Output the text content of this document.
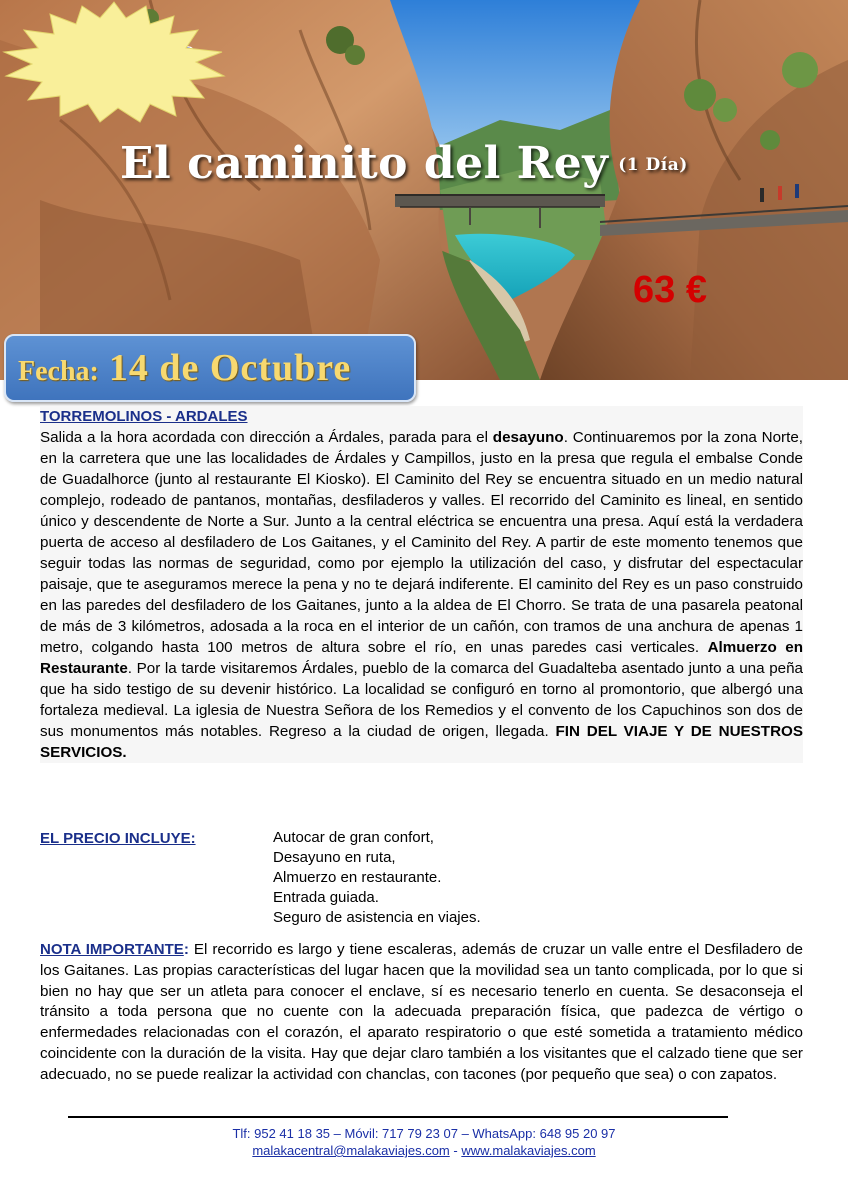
El caminito del Rey $^{(1 Día)}$
63 €
Fecha: 14 de Octubre
TORREMOLINOS - ARDALES
Salida a la hora acordada con dirección a Árdales, parada para el desayuno. Continuaremos por la zona Norte, en la carretera que une las localidades de Árdales y Campillos, justo en la presa que regula el embalse Conde de Guadalhorce (junto al restaurante El Kiosko). El Caminito del Rey se encuentra situado en un medio natural complejo, rodeado de pantanos, montañas, desfiladeros y valles. El recorrido del Caminito es lineal, en sentido único y descendente de Norte a Sur. Junto a la central eléctrica se encuentra una presa. Aquí está la verdadera puerta de acceso al desfiladero de Los Gaitanes, y el Caminito del Rey. A partir de este momento tenemos que seguir todas las normas de seguridad, como por ejemplo la utilización del caso, y disfrutar del espectacular paisaje, que te aseguramos merece la pena y no te dejará indiferente. El caminito del Rey es un paso construido en las paredes del desfiladero de los Gaitanes, junto a la aldea de El Chorro. Se trata de una pasarela peatonal de más de 3 kilómetros, adosada a la roca en el interior de un cañón, con tramos de una anchura de apenas 1 metro, colgando hasta 100 metros de altura sobre el río, en unas paredes casi verticales. Almuerzo en Restaurante. Por la tarde visitaremos Árdales, pueblo de la comarca del Guadalteba asentado junto a una peña que ha sido testigo de su devenir histórico. La localidad se configuró en torno al promontorio, que albergó una fortaleza medieval. La iglesia de Nuestra Señora de los Remedios y el convento de los Capuchinos son dos de sus monumentos más notables. Regreso a la ciudad de origen, llegada. FIN DEL VIAJE Y DE NUESTROS SERVICIOS.
EL PRECIO INCLUYE:	Autocar de gran confort,
Desayuno en ruta,
Almuerzo en restaurante.
Entrada guiada.
Seguro de asistencia en viajes.
NOTA IMPORTANTE: El recorrido es largo y tiene escaleras, además de cruzar un valle entre el Desfiladero de los Gaitanes. Las propias características del lugar hacen que la movilidad sea un tanto complicada, por lo que si bien no hay que ser un atleta para conocer el enclave, sí es necesario tenerlo en cuenta. Se desaconseja el tránsito a toda persona que no cuente con la adecuada preparación física, que padezca de vértigo o enfermedades relacionadas con el corazón, el aparato respiratorio o que esté sometida a tratamiento médico coincidente con la duración de la visita. Hay que dejar claro también a los visitantes que el calzado tiene que ser adecuado, no se puede realizar la actividad con chanclas, con tacones (por pequeño que sea) o con zapatos.
Tlf: 952 41 18 35 – Móvil: 717 79 23 07 – WhatsApp: 648 95 20 97
malakacentral@malakaviajes.com - www.malakaviajes.com
